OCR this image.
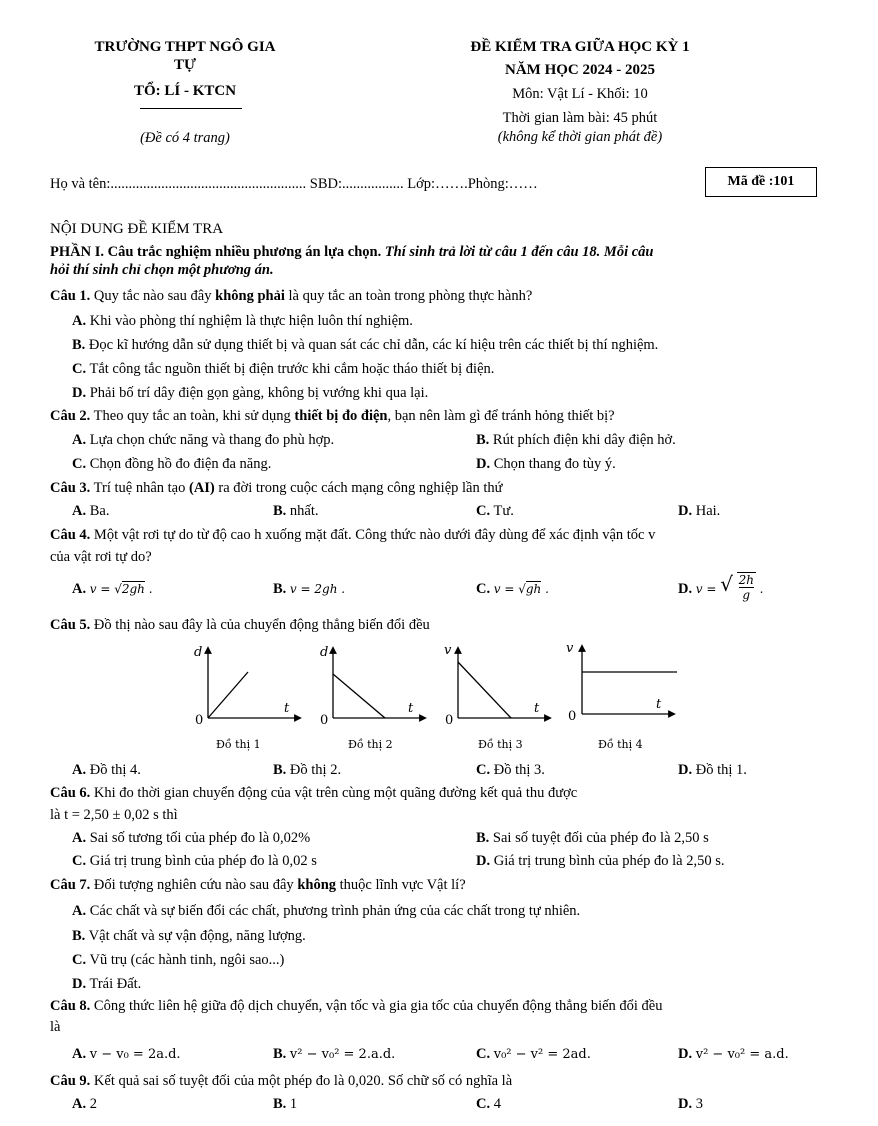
TRƯỜNG THPT NGÔ GIA
TỰ
TỔ: LÍ - KTCN
(Đề có 4 trang)
ĐỀ KIỂM TRA GIỮA HỌC KỲ 1
NĂM HỌC 2024 - 2025
Môn: Vật Lí - Khối: 10
Thời gian làm bài: 45 phút
(không kể thời gian phát đề)
Họ và tên:...................................................... SBD:................. Lớp:…….Phòng:……	Mã đề :101
NỘI DUNG ĐỀ KIỂM TRA
PHẦN I. Câu trắc nghiệm nhiều phương án lựa chọn. Thí sinh trả lời từ câu 1 đến câu 18. Mỗi câu
hỏi thí sinh chỉ chọn một phương án.
Câu 1. Quy tắc nào sau đây không phải là quy tắc an toàn trong phòng thực hành?
A. Khi vào phòng thí nghiệm là thực hiện luôn thí nghiệm.
B. Đọc kĩ hướng dẫn sử dụng thiết bị và quan sát các chỉ dẫn, các kí hiệu trên các thiết bị thí nghiệm.
C. Tắt công tắc nguồn thiết bị điện trước khi cắm hoặc tháo thiết bị điện.
D. Phải bố trí dây điện gọn gàng, không bị vướng khi qua lại.
Câu 2. Theo quy tắc an toàn, khi sử dụng thiết bị đo điện, bạn nên làm gì để tránh hỏng thiết bị?
A. Lựa chọn chức năng và thang đo phù hợp.	B. Rút phích điện khi dây điện hở.
C. Chọn đồng hồ đo điện đa năng.	D. Chọn thang đo tùy ý.
Câu 3. Trí tuệ nhân tạo (AI) ra đời trong cuộc cách mạng công nghiệp lần thứ
A. Ba.	B. nhất.	C. Tư.	D. Hai.
Câu 4. Một vật rơi tự do từ độ cao h xuống mặt đất. Công thức nào dưới đây dùng để xác định vận tốc v
của vật rơi tự do?
A. v = √2gh .	B. v = 2gh .	C. v = √gh .	D. $_{v =}$ √ $\frac{2h}{g} _.$
Câu 5. Đồ thị nào sau đây là của chuyển động thẳng biến đổi đều
d
t
0
Đồ thị 1
d
t
0
Đồ thị 2
v
t
0
Đồ thị 3
v
t
0
Đồ thị 4
A. Đồ thị 4.	B. Đồ thị 2.	C. Đồ thị 3.	D. Đồ thị 1.
Câu 6. Khi đo thời gian chuyển động của vật trên cùng một quãng đường kết quả thu được
là t = 2,50 ± 0,02 s thì
A. Sai số tương tối của phép đo là 0,02%	B. Sai số tuyệt đối của phép đo là 2,50 s
C. Giá trị trung bình của phép đo là 0,02 s	D. Giá trị trung bình của phép đo là 2,50 s.
Câu 7. Đối tượng nghiên cứu nào sau đây không thuộc lĩnh vực Vật lí?
A. Các chất và sự biến đổi các chất, phương trình phản ứng của các chất trong tự nhiên.
B. Vật chất và sự vận động, năng lượng.
C. Vũ trụ (các hành tinh, ngôi sao...)
D. Trái Đất.
Câu 8. Công thức liên hệ giữa độ dịch chuyển, vận tốc và gia gia tốc của chuyển động thẳng biến đổi đều
là
A. v − v₀ = 2a.d.	B. v² − v₀² = 2.a.d.	C. v₀² − v² = 2ad.	D. v² − v₀² = a.d.
Câu 9. Kết quả sai số tuyệt đối của một phép đo là 0,020. Số chữ số có nghĩa là
A. 2	B. 1	C. 4	D. 3
